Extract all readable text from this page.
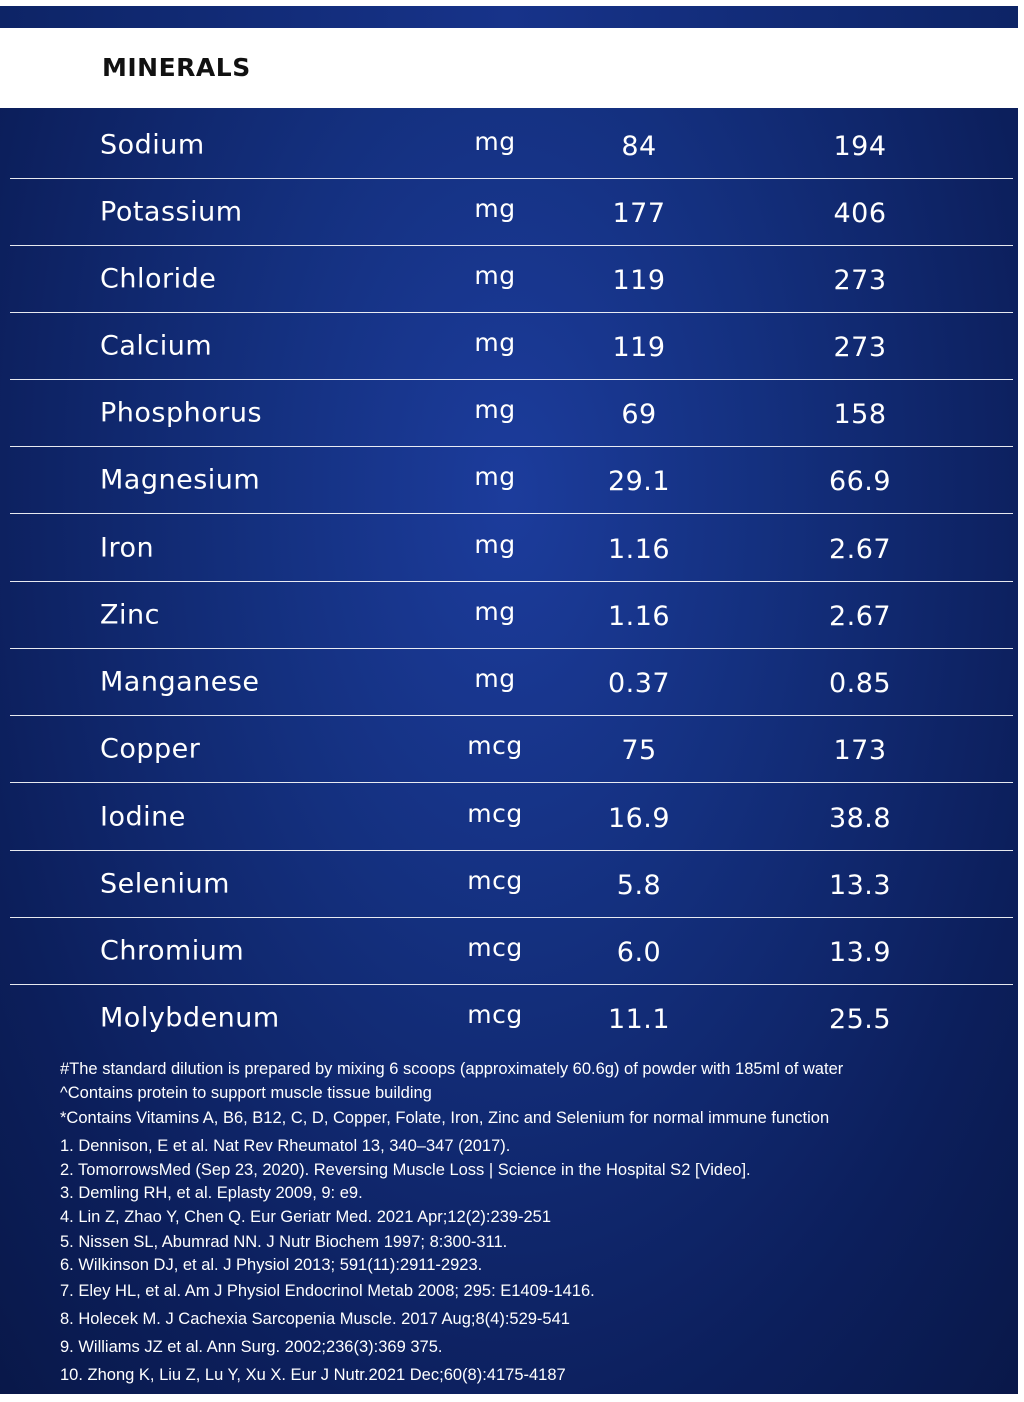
MINERALS
Sodium	mg	84	194
Potassium	mg	177	406
Chloride	mg	119	273
Calcium	mg	119	273
Phosphorus	mg	69	158
Magnesium	mg	29.1	66.9
Iron	mg	1.16	2.67
Zinc	mg	1.16	2.67
Manganese	mg	0.37	0.85
Copper	mcg	75	173
Iodine	mcg	16.9	38.8
Selenium	mcg	5.8	13.3
Chromium	mcg	6.0	13.9
Molybdenum	mcg	11.1	25.5
#The standard dilution is prepared by mixing 6 scoops (approximately 60.6g) of powder with 185ml of water
^Contains protein to support muscle tissue building
*Contains Vitamins A, B6, B12, C, D, Copper, Folate, Iron, Zinc and Selenium for normal immune function
1. Dennison, E et al. Nat Rev Rheumatol 13, 340–347 (2017).
2. TomorrowsMed (Sep 23, 2020). Reversing Muscle Loss | Science in the Hospital S2 [Video].
3. Demling RH, et al. Eplasty 2009, 9: e9.
4. Lin Z, Zhao Y, Chen Q. Eur Geriatr Med. 2021 Apr;12(2):239-251
5. Nissen SL, Abumrad NN. J Nutr Biochem 1997; 8:300-311.
6. Wilkinson DJ, et al. J Physiol 2013; 591(11):2911-2923.
7. Eley HL, et al. Am J Physiol Endocrinol Metab 2008; 295: E1409-1416.
8. Holecek M. J Cachexia Sarcopenia Muscle. 2017 Aug;8(4):529-541
9. Williams JZ et al. Ann Surg. 2002;236(3):369 375.
10. Zhong K, Liu Z, Lu Y, Xu X. Eur J Nutr.2021 Dec;60(8):4175-4187
